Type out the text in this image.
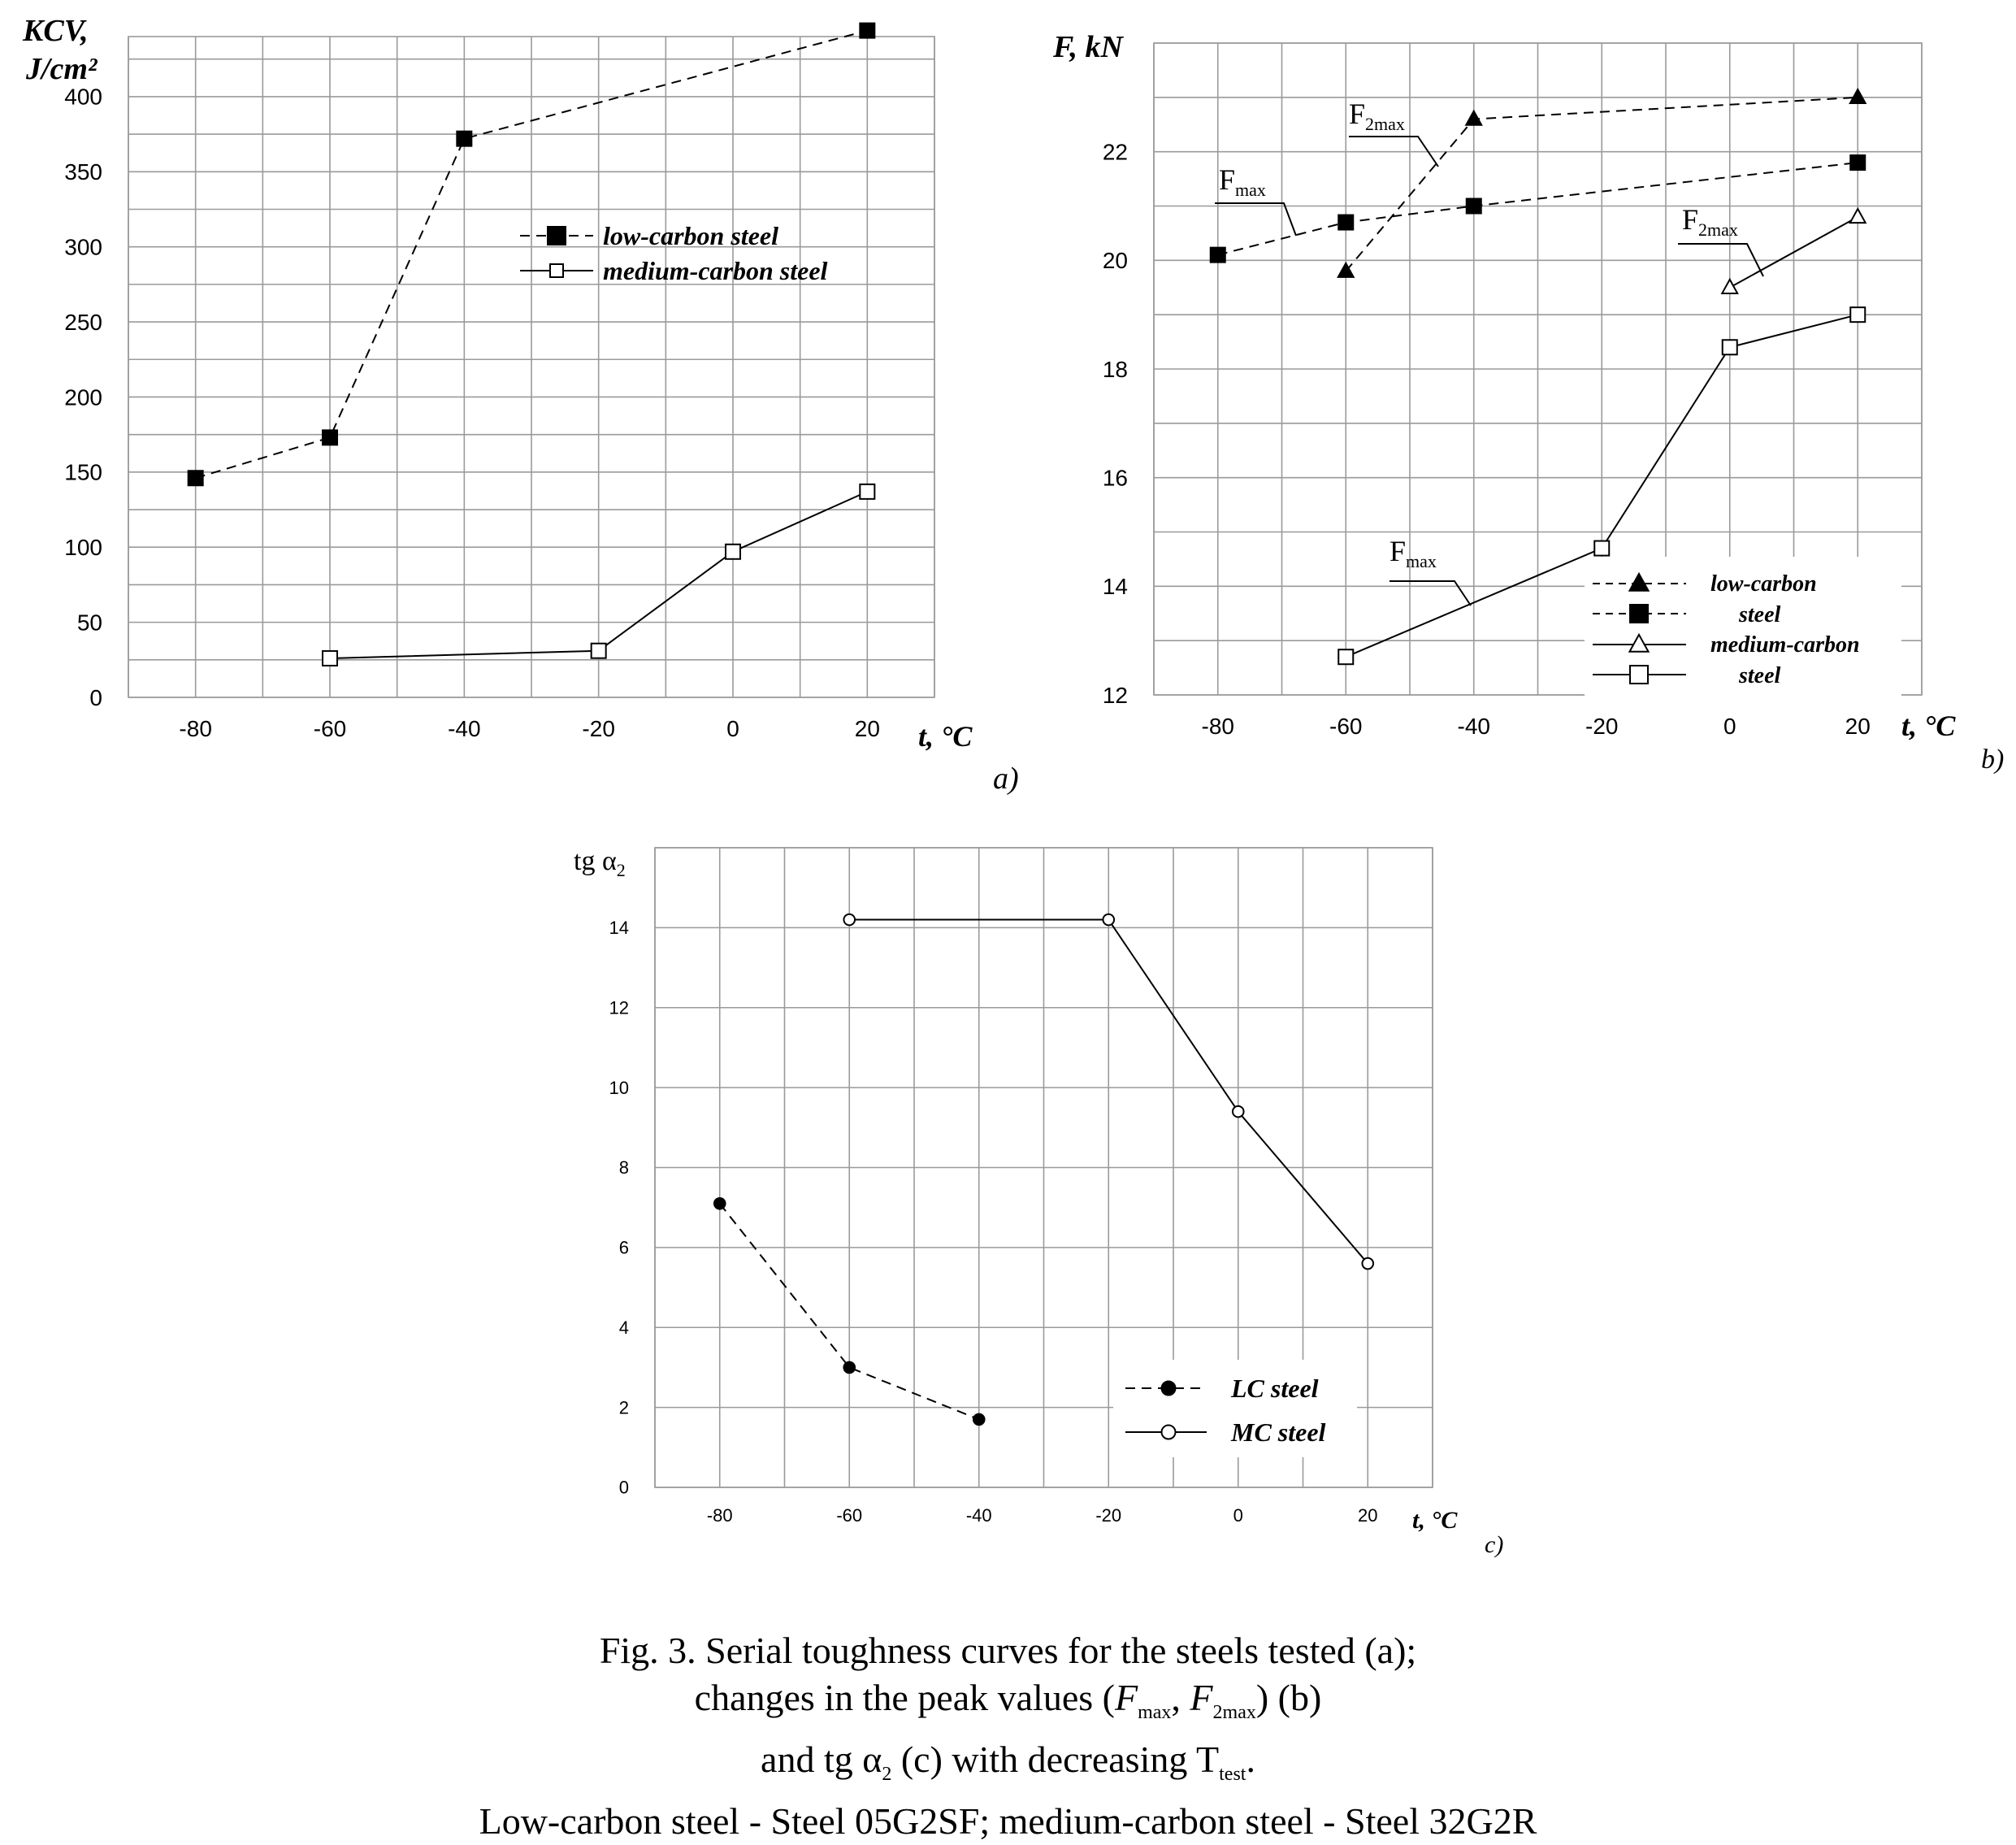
-80	-60	-40	-20	0	20
0
50
100
150
200
250
300
350
400
t, °C
KCV,
J/cm²
low-carbon steel
medium-carbon steel
-80	-60	-40	-20	0	20
12
14
16
18
20
22
t, °C
F, kN
$F_{2max}$
$F_{max}$
$F_{2max}$
$F_{max}$
low-carbon
steel
medium-carbon
steel
-80	-60	-40	-20	0	20
0
2
4
6
8
10
12
14
t, °C
tg $\alpha_2$
LC steel
MC steel
a)
b)
c)
Fig. 3. Serial toughness curves for the steels tested (a);
changes in the peak values ($F_{max}$, $F_{2max}$) (b)
and tg $\alpha_2$ (c) with decreasing $T_{test}$.
Low-carbon steel - Steel 05G2SF; medium-carbon steel - Steel 32G2R
